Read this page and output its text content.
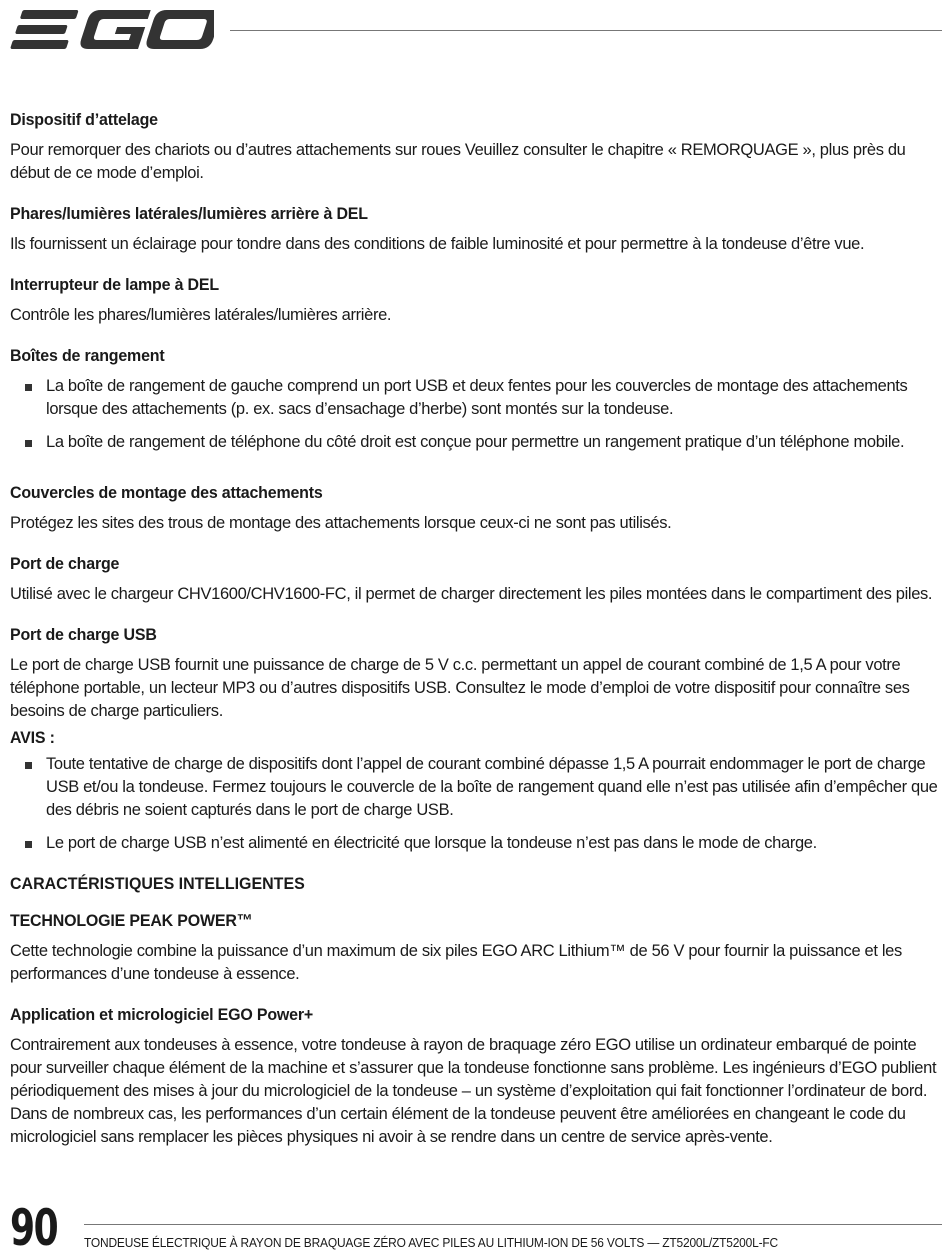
Dispositif d’attelage

Pour remorquer des chariots ou d’autres attachements sur roues Veuillez consulter le chapitre « REMORQUAGE », plus près du début de ce mode d’emploi.

Phares/lumières latérales/lumières arrière à DEL

Ils fournissent un éclairage pour tondre dans des conditions de faible luminosité et pour permettre à la tondeuse d’être vue.

Interrupteur de lampe à DEL

Contrôle les phares/lumières latérales/lumières arrière.

Boîtes de rangement
La boîte de rangement de gauche comprend un port USB et deux fentes pour les couvercles de montage des attachements lorsque des attachements (p. ex. sacs d’ensachage d’herbe) sont montés sur la tondeuse.
La boîte de rangement de téléphone du côté droit est conçue pour permettre un rangement pratique d’un téléphone mobile.
Couvercles de montage des attachements

Protégez les sites des trous de montage des attachements lorsque ceux-ci ne sont pas utilisés.

Port de charge

Utilisé avec le chargeur CHV1600/CHV1600-FC, il permet de charger directement les piles montées dans le compartiment des piles.

Port de charge USB

Le port de charge USB fournit une puissance de charge de 5 V c.c. permettant un appel de courant combiné de 1,5 A pour votre téléphone portable, un lecteur MP3 ou d’autres dispositifs USB. Consultez le mode d’emploi de votre dispositif pour connaître ses besoins de charge particuliers.

AVIS :
Toute tentative de charge de dispositifs dont l’appel de courant combiné dépasse 1,5 A pourrait endommager le port de charge USB et/ou la tondeuse. Fermez toujours le couvercle de la boîte de rangement quand elle n’est pas utilisée afin d’empêcher que des débris ne soient capturés dans le port de charge USB.
Le port de charge USB n’est alimenté en électricité que lorsque la tondeuse n’est pas dans le mode de charge.
CARACTÉRISTIQUES INTELLIGENTES
TECHNOLOGIE PEAK POWER™

Cette technologie combine la puissance d’un maximum de six piles EGO ARC Lithium™ de 56 V pour fournir la puissance et les performances d’une tondeuse à essence.

Application et micrologiciel EGO Power+

Contrairement aux tondeuses à essence, votre tondeuse à rayon de braquage zéro EGO utilise un ordinateur embarqué de pointe pour surveiller chaque élément de la machine et s’assurer que la tondeuse fonctionne sans problème. Les ingénieurs d’EGO publient périodiquement des mises à jour du micrologiciel de la tondeuse – un système d’exploitation qui fait fonctionner l’ordinateur de bord. Dans de nombreux cas, les performances d’un certain élément de la tondeuse peuvent être améliorées en changeant le code du micrologiciel sans remplacer les pièces physiques ni avoir à se rendre dans un centre de service après-vente.

90 TONDEUSE ÉLECTRIQUE À RAYON DE BRAQUAGE ZÉRO AVEC PILES AU LITHIUM-ION DE 56 VOLTS — ZT5200L/ZT5200L-FC
